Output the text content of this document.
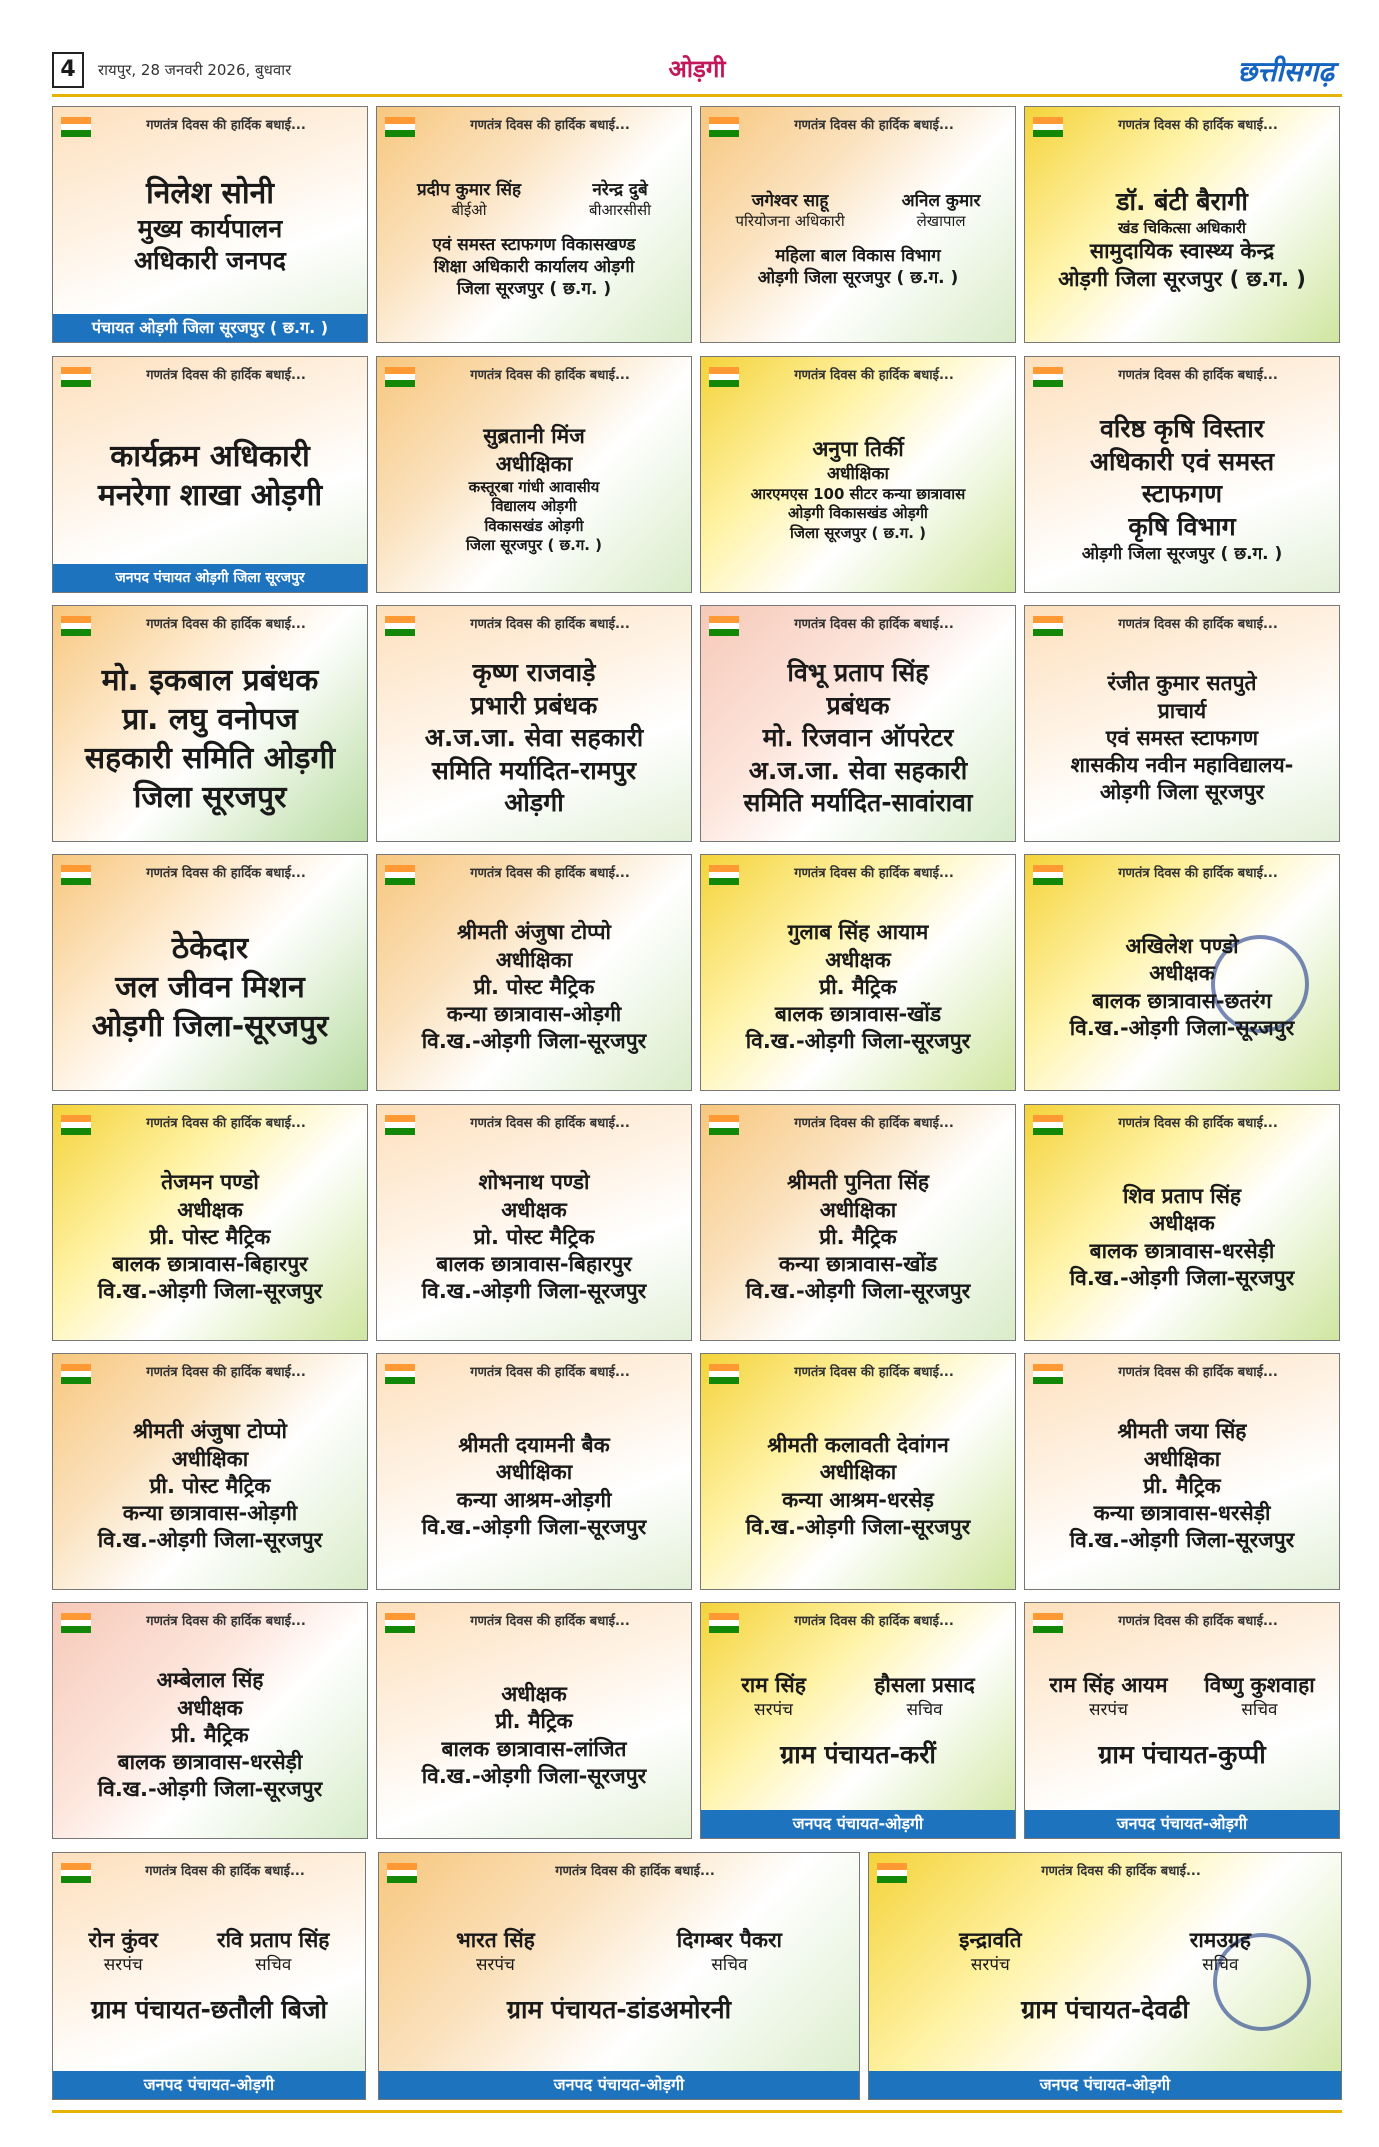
4	रायपुर, 28 जनवरी 2026, बुधवार	ओड़गी	छत्तीसगढ़
गणतंत्र दिवस की हार्दिक बधाई...
निलेश सोनी
मुख्य कार्यपालन
अधिकारी जनपद
पंचायत ओड़गी जिला सूरजपुर ( छ.ग. )
गणतंत्र दिवस की हार्दिक बधाई...
प्रदीप कुमार सिंह
बीईओ
नरेन्द्र दुबे
बीआरसीसी
एवं समस्त स्टाफगण विकासखण्ड
शिक्षा अधिकारी कार्यालय ओड़गी
जिला सूरजपुर ( छ.ग. )
गणतंत्र दिवस की हार्दिक बधाई...
जगेश्वर साहू
परियोजना अधिकारी
अनिल कुमार
लेखापाल
महिला बाल विकास विभाग
ओड़गी जिला सूरजपुर ( छ.ग. )
गणतंत्र दिवस की हार्दिक बधाई...
डॉ. बंटी बैरागी
खंड चिकित्सा अधिकारी
सामुदायिक स्वास्थ्य केन्द्र
ओड़गी जिला सूरजपुर ( छ.ग. )
गणतंत्र दिवस की हार्दिक बधाई...
कार्यक्रम अधिकारी
मनरेगा शाखा ओड़गी
जनपद पंचायत ओड़गी जिला सूरजपुर
गणतंत्र दिवस की हार्दिक बधाई...
सुब्रतानी मिंज
अधीक्षिका
कस्तूरबा गांधी आवासीय
विद्यालय ओड़गी
विकासखंड ओड़गी
जिला सूरजपुर ( छ.ग. )
गणतंत्र दिवस की हार्दिक बधाई...
अनुपा तिर्की
अधीक्षिका
आरएमएस 100 सीटर कन्या छात्रावास
ओड़गी विकासखंड ओड़गी
जिला सूरजपुर ( छ.ग. )
गणतंत्र दिवस की हार्दिक बधाई...
वरिष्ठ कृषि विस्तार
अधिकारी एवं समस्त
स्टाफगण
कृषि विभाग
ओड़गी जिला सूरजपुर ( छ.ग. )
गणतंत्र दिवस की हार्दिक बधाई...
मो. इकबाल प्रबंधक
प्रा. लघु वनोपज
सहकारी समिति ओड़गी
जिला सूरजपुर
गणतंत्र दिवस की हार्दिक बधाई...
कृष्ण राजवाड़े
प्रभारी प्रबंधक
अ.ज.जा. सेवा सहकारी
समिति मर्यादित-रामपुर
ओड़गी
गणतंत्र दिवस की हार्दिक बधाई...
विभू प्रताप सिंह
प्रबंधक
मो. रिजवान ऑपरेटर
अ.ज.जा. सेवा सहकारी
समिति मर्यादित-सावांरावा
गणतंत्र दिवस की हार्दिक बधाई...
रंजीत कुमार सतपुते
प्राचार्य
एवं समस्त स्टाफगण
शासकीय नवीन महाविद्यालय-
ओड़गी जिला सूरजपुर
गणतंत्र दिवस की हार्दिक बधाई...
ठेकेदार
जल जीवन मिशन
ओड़गी जिला-सूरजपुर
गणतंत्र दिवस की हार्दिक बधाई...
श्रीमती अंजुषा टोप्पो
अधीक्षिका
प्री. पोस्ट मैट्रिक
कन्या छात्रावास-ओड़गी
वि.ख.-ओड़गी जिला-सूरजपुर
गणतंत्र दिवस की हार्दिक बधाई...
गुलाब सिंह आयाम
अधीक्षक
प्री. मैट्रिक
बालक छात्रावास-खोंड
वि.ख.-ओड़गी जिला-सूरजपुर
गणतंत्र दिवस की हार्दिक बधाई...
अखिलेश पण्डो
अधीक्षक
बालक छात्रावास-छतरंग
वि.ख.-ओड़गी जिला-सूरजपुर
गणतंत्र दिवस की हार्दिक बधाई...
तेजमन पण्डो
अधीक्षक
प्री. पोस्ट मैट्रिक
बालक छात्रावास-बिहारपुर
वि.ख.-ओड़गी जिला-सूरजपुर
गणतंत्र दिवस की हार्दिक बधाई...
शोभनाथ पण्डो
अधीक्षक
प्रो. पोस्ट मैट्रिक
बालक छात्रावास-बिहारपुर
वि.ख.-ओड़गी जिला-सूरजपुर
गणतंत्र दिवस की हार्दिक बधाई...
श्रीमती पुनिता सिंह
अधीक्षिका
प्री. मैट्रिक
कन्या छात्रावास-खोंड
वि.ख.-ओड़गी जिला-सूरजपुर
गणतंत्र दिवस की हार्दिक बधाई...
शिव प्रताप सिंह
अधीक्षक
बालक छात्रावास-धरसेड़ी
वि.ख.-ओड़गी जिला-सूरजपुर
गणतंत्र दिवस की हार्दिक बधाई...
श्रीमती अंजुषा टोप्पो
अधीक्षिका
प्री. पोस्ट मैट्रिक
कन्या छात्रावास-ओड़गी
वि.ख.-ओड़गी जिला-सूरजपुर
गणतंत्र दिवस की हार्दिक बधाई...
श्रीमती दयामनी बैक
अधीक्षिका
कन्या आश्रम-ओड़गी
वि.ख.-ओड़गी जिला-सूरजपुर
गणतंत्र दिवस की हार्दिक बधाई...
श्रीमती कलावती देवांगन
अधीक्षिका
कन्या आश्रम-धरसेड़
वि.ख.-ओड़गी जिला-सूरजपुर
गणतंत्र दिवस की हार्दिक बधाई...
श्रीमती जया सिंह
अधीक्षिका
प्री. मैट्रिक
कन्या छात्रावास-धरसेड़ी
वि.ख.-ओड़गी जिला-सूरजपुर
गणतंत्र दिवस की हार्दिक बधाई...
अम्बेलाल सिंह
अधीक्षक
प्री. मैट्रिक
बालक छात्रावास-धरसेड़ी
वि.ख.-ओड़गी जिला-सूरजपुर
गणतंत्र दिवस की हार्दिक बधाई...
अधीक्षक
प्री. मैट्रिक
बालक छात्रावास-लांजित
वि.ख.-ओड़गी जिला-सूरजपुर
गणतंत्र दिवस की हार्दिक बधाई...
राम सिंह
सरपंच
हौसला प्रसाद
सचिव
ग्राम पंचायत-करीं
जनपद पंचायत-ओड़गी
गणतंत्र दिवस की हार्दिक बधाई...
राम सिंह आयम
सरपंच
विष्णु कुशवाहा
सचिव
ग्राम पंचायत-कुप्पी
जनपद पंचायत-ओड़गी
गणतंत्र दिवस की हार्दिक बधाई...
रोन कुंवर
सरपंच
रवि प्रताप सिंह
सचिव
ग्राम पंचायत-छतौली बिजो
जनपद पंचायत-ओड़गी
गणतंत्र दिवस की हार्दिक बधाई...
भारत सिंह
सरपंच
दिगम्बर पैकरा
सचिव
ग्राम पंचायत-डांडअमोरनी
जनपद पंचायत-ओड़गी
गणतंत्र दिवस की हार्दिक बधाई...
इन्द्रावति
सरपंच
रामउग्रह
सचिव
ग्राम पंचायत-देवढी
जनपद पंचायत-ओड़गी
